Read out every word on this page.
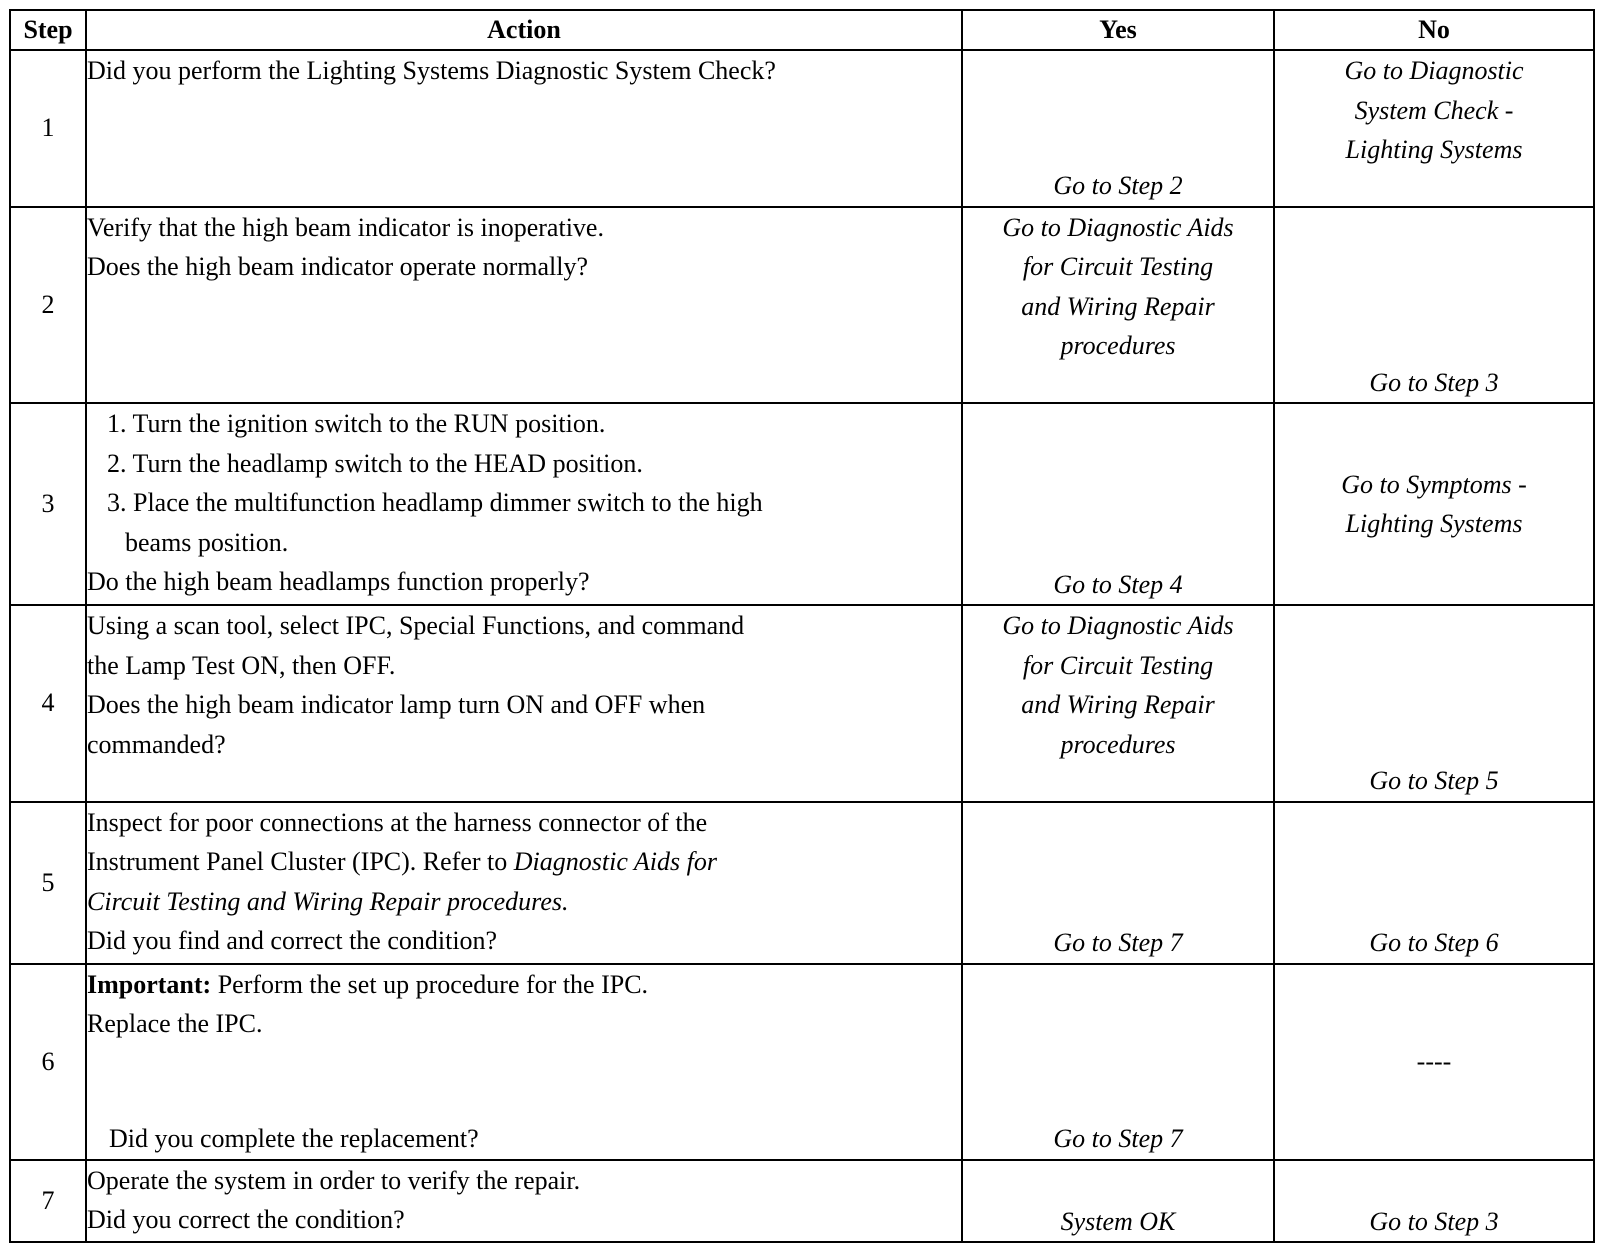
Step	Action	Yes	No
1	Did you perform the Lighting Systems Diagnostic System Check?	Go to Step 2	Go to Diagnostic
System Check -
Lighting Systems

2	Verify that the high beam indicator is inoperative.
Does the high beam indicator operate normally?	Go to Diagnostic Aids
for Circuit Testing
and Wiring Repair
procedures	Go to Step 3
3	1. Turn the ignition switch to the RUN position.
2. Turn the headlamp switch to the HEAD position.
3. Place the multifunction headlamp dimmer switch to the high
beams position.
Do the high beam headlamps function properly?	Go to Step 4	Go to Symptoms -
Lighting Systems

4	Using a scan tool, select IPC, Special Functions, and command
the Lamp Test ON, then OFF.
Does the high beam indicator lamp turn ON and OFF when
commanded?	Go to Diagnostic Aids
for Circuit Testing
and Wiring Repair
procedures	Go to Step 5
5	Inspect for poor connections at the harness connector of the
Instrument Panel Cluster (IPC). Refer to Diagnostic Aids for
Circuit Testing and Wiring Repair procedures.
Did you find and correct the condition?	Go to Step 7	Go to Step 6
6	Important: Perform the set up procedure for the IPC.
Replace the IPC.
Did you complete the replacement?	Go to Step 7	----
7	Operate the system in order to verify the repair.
Did you correct the condition?	System OK	Go to Step 3
